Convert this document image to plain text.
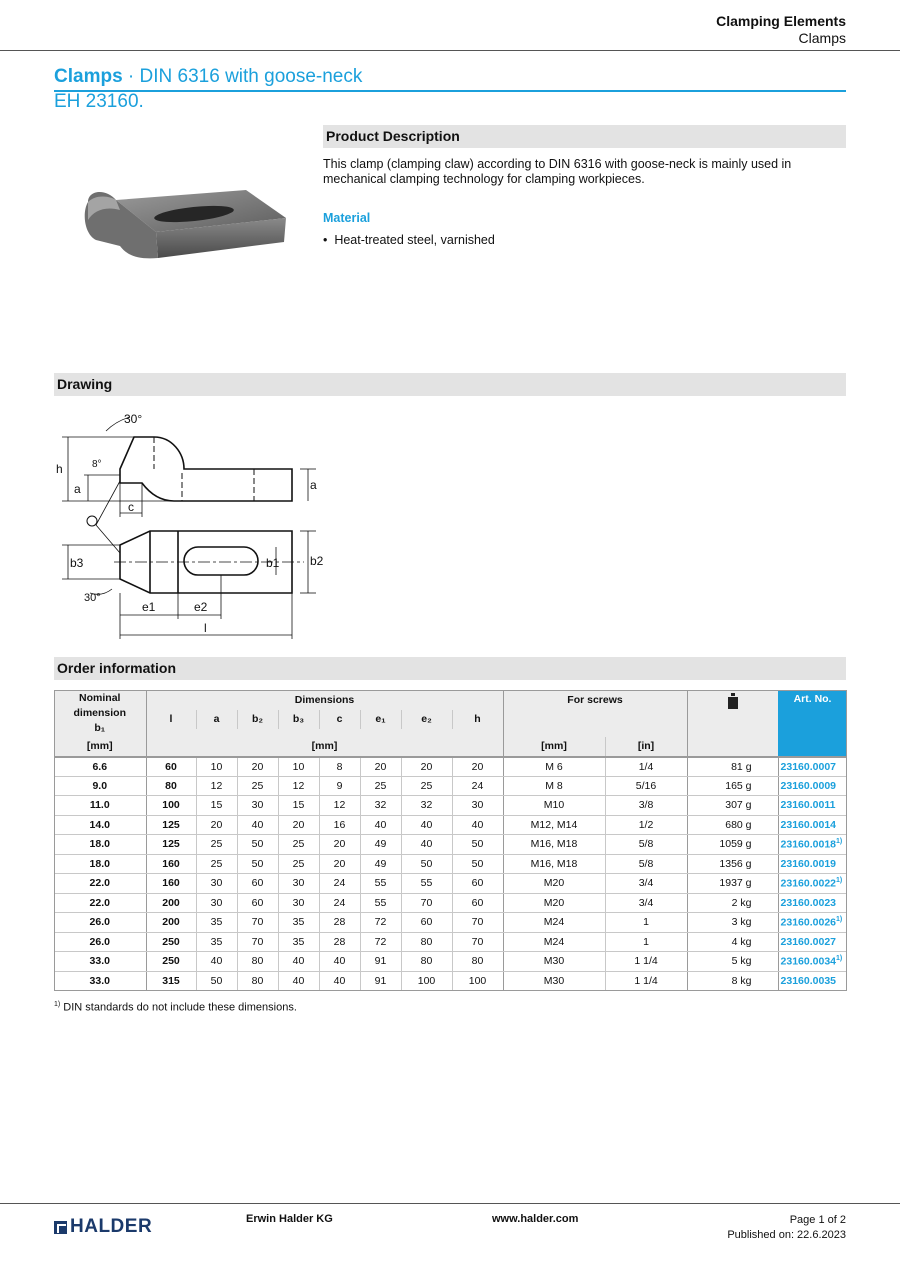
Clamping Elements
Clamps
Clamps · DIN 6316 with goose-neck
EH 23160.
Product Description
This clamp (clamping claw) according to DIN 6316 with goose-neck is mainly used in mechanical clamping technology for clamping workpieces.
Material
•  Heat-treated steel, varnished
Drawing
30°
8°
h
a
c
a
b3
30°
e1	e2
l
b1	b2
Order information
Nominal
dimension
b₁	Dimensions								For screws			Art. No.
	l	a	b₂	b₃	c	e₁	e₂	h				

[mm]	[mm]								[mm]	[in]		
6.6	60	10	20	10	8	20	20	20	M 6	1/4	81 g	23160.0007
9.0	80	12	25	12	9	25	25	24	M 8	5/16	165 g	23160.0009
11.0	100	15	30	15	12	32	32	30	M10	3/8	307 g	23160.0011
14.0	125	20	40	20	16	40	40	40	M12, M14	1/2	680 g	23160.0014
18.0	125	25	50	25	20	49	40	50	M16, M18	5/8	1059 g	23160.0018$^{1)}$
18.0	160	25	50	25	20	49	50	50	M16, M18	5/8	1356 g	23160.0019
22.0	160	30	60	30	24	55	55	60	M20	3/4	1937 g	23160.0022$^{1)}$
22.0	200	30	60	30	24	55	70	60	M20	3/4	2 kg	23160.0023
26.0	200	35	70	35	28	72	60	70	M24	1	3 kg	23160.0026$^{1)}$
26.0	250	35	70	35	28	72	80	70	M24	1	4 kg	23160.0027
33.0	250	40	80	40	40	91	80	80	M30	1 1/4	5 kg	23160.0034$^{1)}$
33.0	315	50	80	40	40	91	100	100	M30	1 1/4	8 kg	23160.0035
$^{1)}$ DIN standards do not include these dimensions.
HALDER	Erwin Halder KG	www.halder.com	Page 1 of 2
Published on: 22.6.2023
